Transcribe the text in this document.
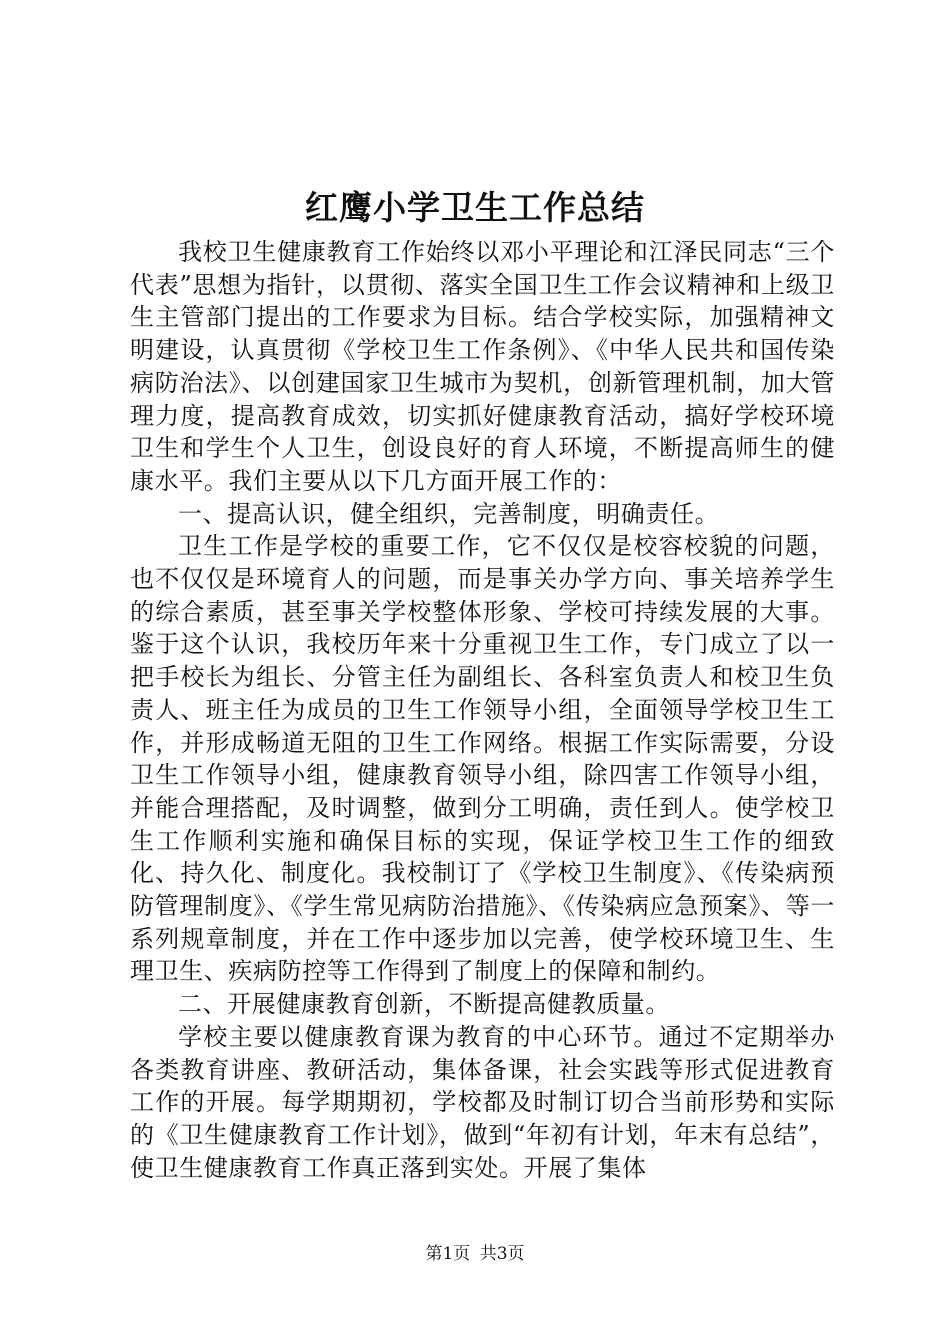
红鹰小学卫生工作总结

我校卫生健康教育工作始终以邓小平理论和江泽民同志“三个代表”思想为指针，以贯彻、落实全国卫生工作会议精神和上级卫生主管部门提出的工作要求为目标。结合学校实际，加强精神文明建设，认真贯彻《学校卫生工作条例》、《中华人民共和国传染病防治法》、以创建国家卫生城市为契机，创新管理机制，加大管理力度，提高教育成效，切实抓好健康教育活动，搞好学校环境卫生和学生个人卫生，创设良好的育人环境，不断提高师生的健康水平。我们主要从以下几方面开展工作的：

一、提高认识，健全组织，完善制度，明确责任。

卫生工作是学校的重要工作，它不仅仅是校容校貌的问题，也不仅仅是环境育人的问题，而是事关办学方向、事关培养学生的综合素质，甚至事关学校整体形象、学校可持续发展的大事。鉴于这个认识，我校历年来十分重视卫生工作，专门成立了以一把手校长为组长、分管主任为副组长、各科室负责人和校卫生负责人、班主任为成员的卫生工作领导小组，全面领导学校卫生工作，并形成畅道无阻的卫生工作网络。根据工作实际需要，分设卫生工作领导小组，健康教育领导小组，除四害工作领导小组，并能合理搭配，及时调整，做到分工明确，责任到人。使学校卫生工作顺利实施和确保目标的实现，保证学校卫生工作的细致化、持久化、制度化。我校制订了《学校卫生制度》、《传染病预防管理制度》、《学生常见病防治措施》、《传染病应急预案》、等一系列规章制度，并在工作中逐步加以完善，使学校环境卫生、生理卫生、疾病防控等工作得到了制度上的保障和制约。

二、开展健康教育创新，不断提高健教质量。

学校主要以健康教育课为教育的中心环节。通过不定期举办各类教育讲座、教研活动，集体备课，社会实践等形式促进教育工作的开展。每学期期初，学校都及时制订切合当前形势和实际的《卫生健康教育工作计划》，做到“年初有计划，年末有总结”，使卫生健康教育工作真正落到实处。开展了集体

第1页 共3页
